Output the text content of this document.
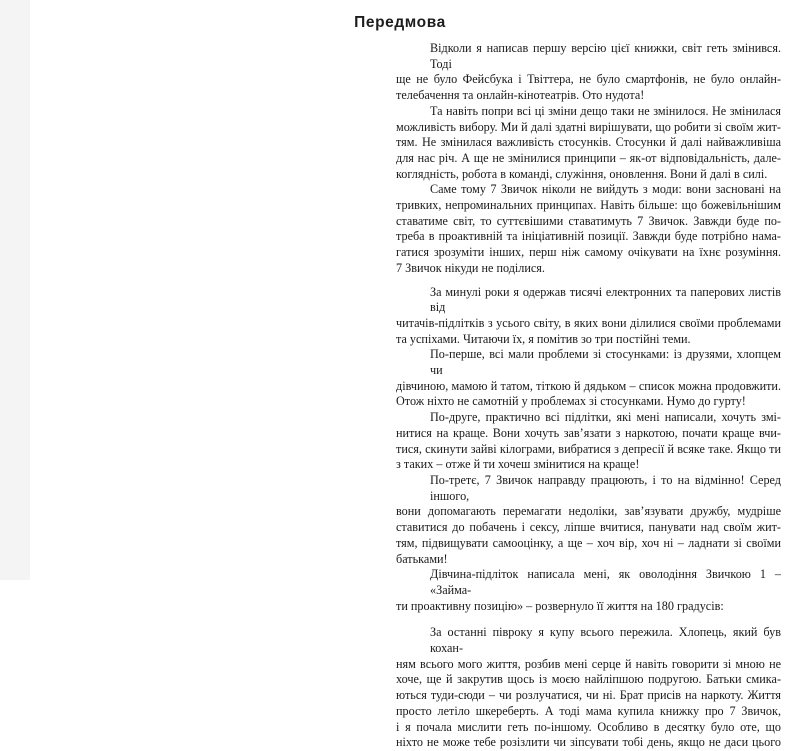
Передмова
Відколи я написав першу версію цієї книжки, світ геть змінився. Тоді
ще не було Фейсбука і Твіттера, не було смартфонів, не було онлайн-
телебачення та онлайн-кінотеатрів. Ото нудота!
Та навіть попри всі ці зміни дещо таки не змінилося. Не змінилася
можливість вибору. Ми й далі здатні вирішувати, що робити зі своїм жит-
тям. Не змінилася важливість стосунків. Стосунки й далі найважливіша
для нас річ. А ще не змінилися принципи – як-от відповідальність, дале-
коглядність, робота в команді, служіння, оновлення. Вони й далі в силі.
Саме тому 7 Звичок ніколи не вийдуть з моди: вони засновані на
тривких, непроминальних принципах. Навіть більше: що божевільнішим
ставатиме світ, то суттєвішими ставатимуть 7 Звичок. Завжди буде по-
треба в проактивній та ініціативній позиції. Завжди буде потрібно нама-
гатися зрозуміти інших, перш ніж самому очікувати на їхнє розуміння.
7 Звичок нікуди не поділися.
За минулі роки я одержав тисячі електронних та паперових листів від
читачів-підлітків з усього світу, в яких вони ділилися своїми проблемами
та успіхами. Читаючи їх, я помітив зо три постійні теми.
По-перше, всі мали проблеми зі стосунками: із друзями, хлопцем чи
дівчиною, мамою й татом, тіткою й дядьком – список можна продовжити.
Отож ніхто не самотній у проблемах зі стосунками. Нумо до гурту!
По-друге, практично всі підлітки, які мені написали, хочуть змі-
нитися на краще. Вони хочуть зав’язати з наркотою, почати краще вчи-
тися, скинути зайві кілограми, вибратися з депресії й всяке таке. Якщо ти
з таких – отже й ти хочеш змінитися на краще!
По-третє, 7 Звичок направду працюють, і то на відмінно! Серед іншого,
вони допомагають перемагати недоліки, зав’язувати дружбу, мудріше
ставитися до побачень і сексу, ліпше вчитися, панувати над своїм жит-
тям, підвищувати самооцінку, а ще – хоч вір, хоч ні – ладнати зі своїми
батьками!
Дівчина-підліток написала мені, як оволодіння Звичкою 1 – «Займа-
ти проактивну позицію» – розвернуло її життя на 180 градусів:
За останні півроку я купу всього пережила. Хлопець, який був кохан-
ням всього мого життя, розбив мені серце й навіть говорити зі мною не
хоче, ще й закрутив щось із моєю найліпшою подругою. Батьки смика-
ються туди-сюди – чи розлучатися, чи ні. Брат присів на наркоту. Життя
просто летіло шкереберть. А тоді мама купила книжку про 7 Звичок,
і я почала мислити геть по-іншому. Особливо в десятку було оте, що
ніхто не може тебе розізлити чи зіпсувати тобі день, якщо не даси цього
